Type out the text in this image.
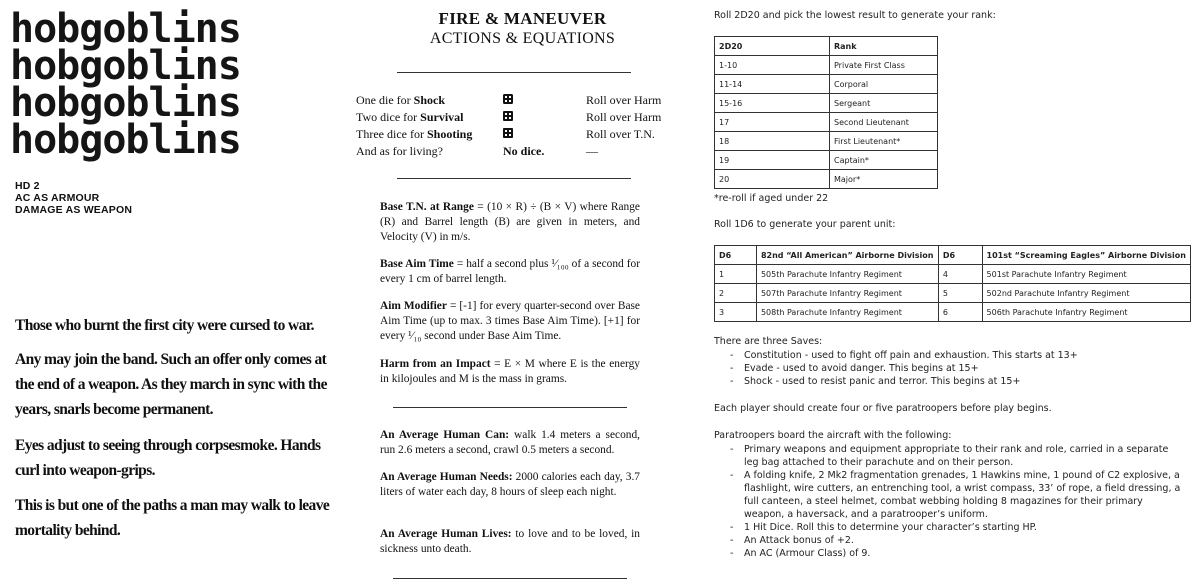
hobgoblins
hobgoblins
hobgoblins
hobgoblins
HD 2
AC AS ARMOUR
DAMAGE AS WEAPON
Those who burnt the first city were cursed to war.
Any may join the band. Such an offer only comes at the end of a weapon. As they march in sync with the years, snarls become permanent.
Eyes adjust to seeing through corpsesmoke. Hands curl into weapon-grips.
This is but one of the paths a man may walk to leave mortality behind.
FIRE & MANEUVER
ACTIONS & EQUATIONS
One die for Shock	Roll over Harm
Two dice for Survival	Roll over Harm
Three dice for Shooting	Roll over T.N.
And as for living?	No dice.	—
Base T.N. at Range = (10 × R) ÷ (B × V) where Range (R) and Barrel length (B) are given in meters, and Velocity (V) in m/s.
Base Aim Time = half a second plus ¹⁄₁₀₀ of a second for every 1 cm of barrel length.
Aim Modifier = [-1] for every quarter-second over Base Aim Time (up to max. 3 times Base Aim Time). [+1] for every ¹⁄₁₀ second under Base Aim Time.
Harm from an Impact = E × M where E is the energy in kilojoules and M is the mass in grams.
An Average Human Can: walk 1.4 meters a second, run 2.6 meters a second, crawl 0.5 meters a second.
An Average Human Needs: 2000 calories each day, 3.7 liters of water each day, 8 hours of sleep each night.
An Average Human Lives: to love and to be loved, in sickness unto death.
Roll 2D20 and pick the lowest result to generate your rank:
2D20	Rank
1-10	Private First Class
11-14	Corporal
15-16	Sergeant
17	Second Lieutenant
18	First Lieutenant*
19	Captain*
20	Major*
*re-roll if aged under 22
Roll 1D6 to generate your parent unit:
D6	82nd “All American” Airborne Division	D6	101st “Screaming Eagles” Airborne Division
1	505th Parachute Infantry Regiment	4	501st Parachute Infantry Regiment
2	507th Parachute Infantry Regiment	5	502nd Parachute Infantry Regiment
3	508th Parachute Infantry Regiment	6	506th Parachute Infantry Regiment
There are three Saves:
- Constitution - used to fight off pain and exhaustion. This starts at 13+
- Evade - used to avoid danger. This begins at 15+
- Shock - used to resist panic and terror. This begins at 15+
Each player should create four or five paratroopers before play begins.
Paratroopers board the aircraft with the following:
- Primary weapons and equipment appropriate to their rank and role, carried in a separate leg bag attached to their parachute and on their person.
- A folding knife, 2 Mk2 fragmentation grenades, 1 Hawkins mine, 1 pound of C2 explosive, a flashlight, wire cutters, an entrenching tool, a wrist compass, 33’ of rope, a field dressing, a full canteen, a steel helmet, combat webbing holding 8 magazines for their primary weapon, a haversack, and a paratrooper’s uniform.
- 1 Hit Dice. Roll this to determine your character’s starting HP.
- An Attack bonus of +2.
- An AC (Armour Class) of 9.
